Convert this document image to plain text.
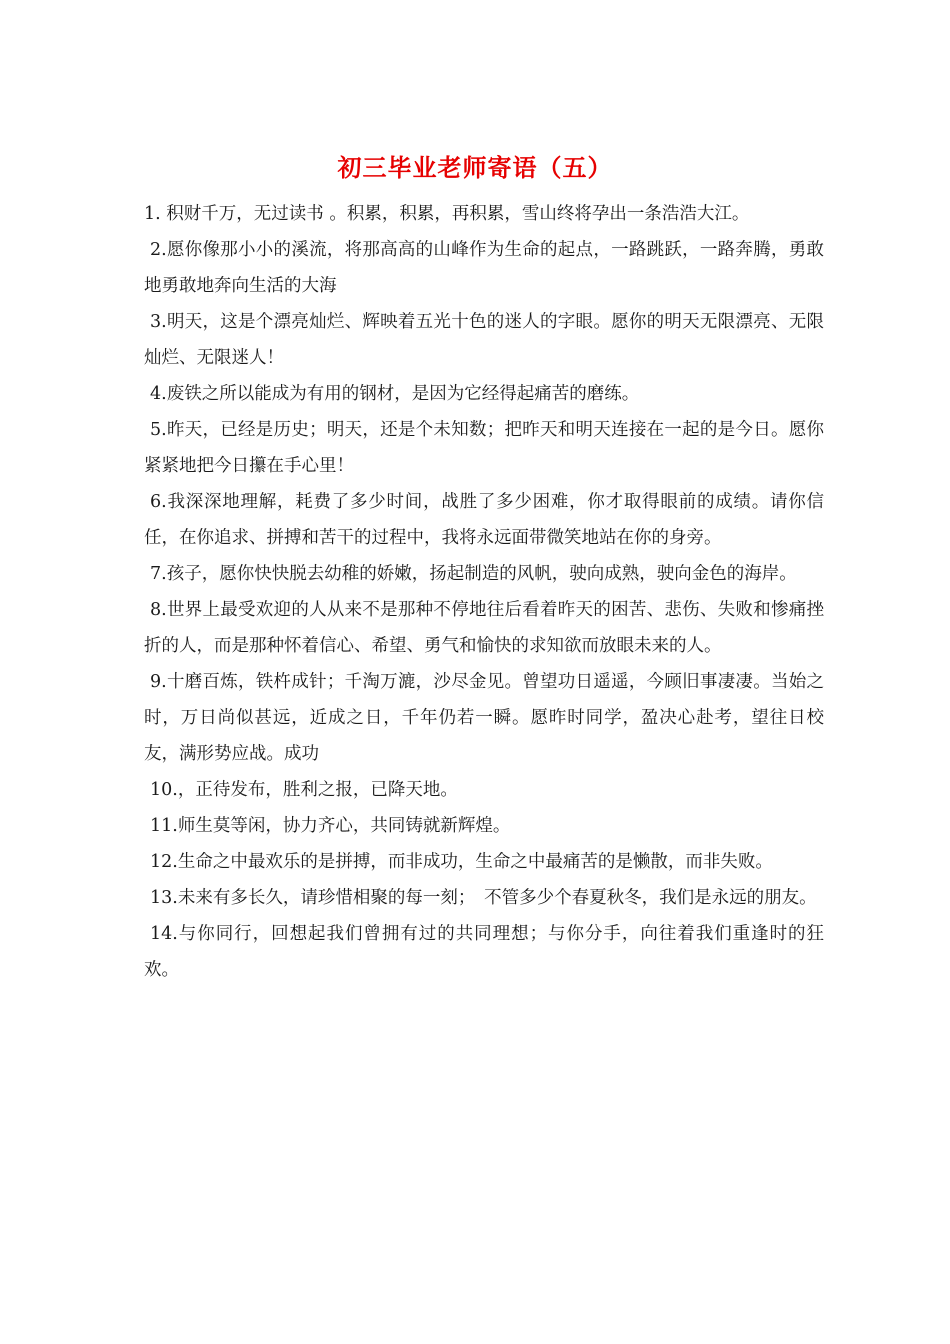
初三毕业老师寄语（五）

1. 积财千万，无过读书 。积累，积累，再积累，雪山终将孕出一条浩浩大江。

2.愿你像那小小的溪流，将那高高的山峰作为生命的起点，一路跳跃，一路奔腾，勇敢地勇敢地奔向生活的大海

3.明天，这是个漂亮灿烂、辉映着五光十色的迷人的字眼。愿你的明天无限漂亮、无限灿烂、无限迷人！

4.废铁之所以能成为有用的钢材，是因为它经得起痛苦的磨练。

5.昨天，已经是历史；明天，还是个未知数；把昨天和明天连接在一起的是今日。愿你紧紧地把今日攥在手心里！

6.我深深地理解，耗费了多少时间，战胜了多少困难，你才取得眼前的成绩。请你信任，在你追求、拼搏和苦干的过程中，我将永远面带微笑地站在你的身旁。

7.孩子，愿你快快脱去幼稚的娇嫩，扬起制造的风帆，驶向成熟，驶向金色的海岸。

8.世界上最受欢迎的人从来不是那种不停地往后看着昨天的困苦、悲伤、失败和惨痛挫折的人，而是那种怀着信心、希望、勇气和愉快的求知欲而放眼未来的人。

9.十磨百炼，铁杵成针；千淘万漉，沙尽金见。曾望功日遥遥，今顾旧事凄凄。当始之时，万日尚似甚远，近成之日，千年仍若一瞬。愿昨时同学，盈决心赴考，望往日校友，满形势应战。成功

10.，正待发布，胜利之报，已降天地。

11.师生莫等闲，协力齐心，共同铸就新辉煌。

12.生命之中最欢乐的是拼搏，而非成功，生命之中最痛苦的是懒散，而非失败。

13.未来有多长久，请珍惜相聚的每一刻；　不管多少个春夏秋冬，我们是永远的朋友。

14.与你同行，回想起我们曾拥有过的共同理想；与你分手，向往着我们重逢时的狂欢。
